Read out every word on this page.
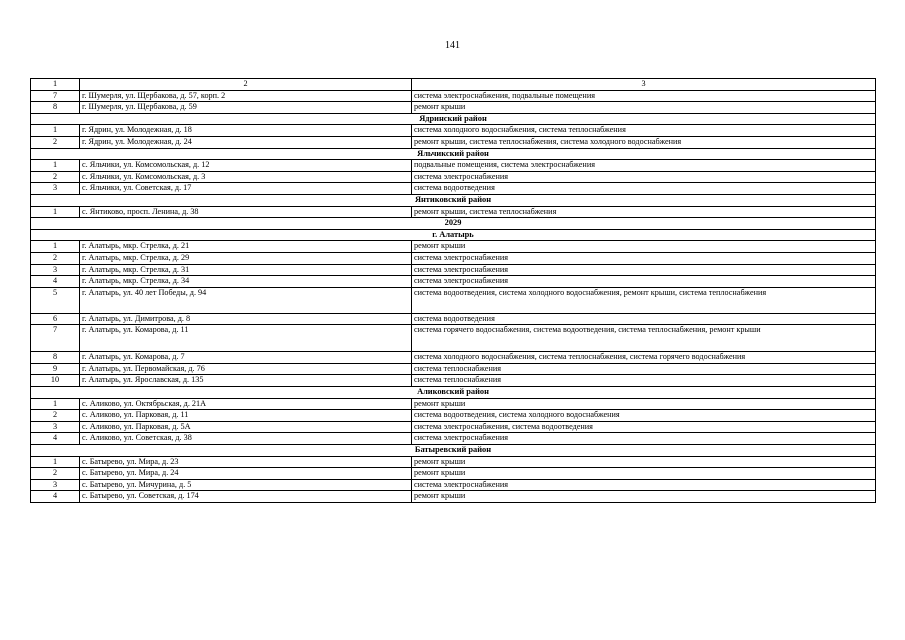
141
1	2	3
7	г. Шумерля, ул. Щербакова, д. 57, корп. 2	система электроснабжения, подвальные помещения
8	г. Шумерля, ул. Щербакова, д. 59	ремонт крыши
Ядринский район		
1	г. Ядрин, ул. Молодежная, д. 18	система холодного водоснабжения, система теплоснабжения
2	г. Ядрин, ул. Молодежная, д. 24	ремонт крыши, система теплоснабжения, система холодного водоснабжения
Яльчикский район		
1	с. Яльчики, ул. Комсомольская, д. 12	подвальные помещения, система электроснабжения
2	с. Яльчики, ул. Комсомольская, д. 3	система электроснабжения
3	с. Яльчики, ул. Советская, д. 17	система водоотведения
Янтиковский район		
1	с. Янтиково, просп. Ленина, д. 38	ремонт крыши, система теплоснабжения
2029		
г. Алатырь		
1	г. Алатырь, мкр. Стрелка, д. 21	ремонт крыши
2	г. Алатырь, мкр. Стрелка, д. 29	система электроснабжения
3	г. Алатырь, мкр. Стрелка, д. 31	система электроснабжения
4	г. Алатырь, мкр. Стрелка, д. 34	система электроснабжения
5	г. Алатырь, ул. 40 лет Победы, д. 94	система водоотведения, система холодного водоснабжения, ремонт крыши, система теплоснабжения
6	г. Алатырь, ул. Димитрова, д. 8	система водоотведения
7	г. Алатырь, ул. Комарова, д. 11	система горячего водоснабжения, система водоотведения, система теплоснабжения, ремонт крыши
8	г. Алатырь, ул. Комарова, д. 7	система холодного водоснабжения, система теплоснабжения, система горячего водоснабжения
9	г. Алатырь, ул. Первомайская, д. 76	система теплоснабжения
10	г. Алатырь, ул. Ярославская, д. 135	система теплоснабжения
Аликовский район		
1	с. Аликово, ул. Октябрьская, д. 21А	ремонт крыши
2	с. Аликово, ул. Парковая, д. 11	система водоотведения, система холодного водоснабжения
3	с. Аликово, ул. Парковая, д. 5А	система электроснабжения, система водоотведения
4	с. Аликово, ул. Советская, д. 38	система электроснабжения
Батыревский район		
1	с. Батырево, ул. Мира, д. 23	ремонт крыши
2	с. Батырево, ул. Мира, д. 24	ремонт крыши
3	с. Батырево, ул. Мичурина, д. 5	система электроснабжения
4	с. Батырево, ул. Советская, д. 174	ремонт крыши
